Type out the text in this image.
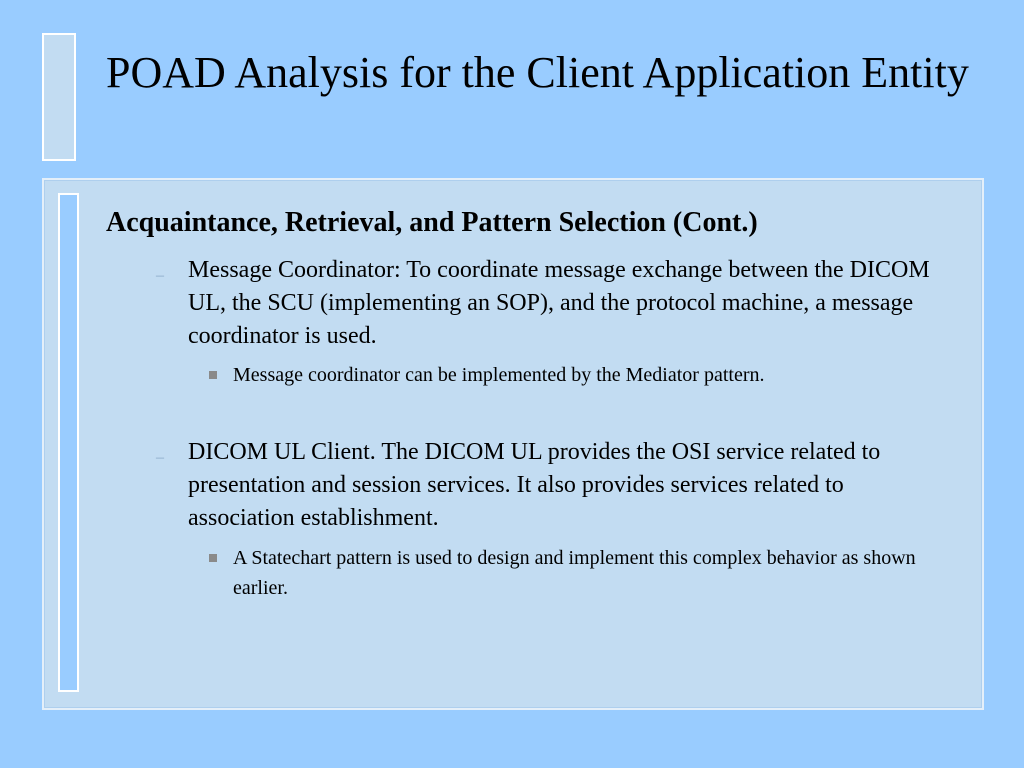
POAD Analysis for the Client Application Entity
Acquaintance, Retrieval, and Pattern Selection (Cont.)
– Message Coordinator: To coordinate message exchange between the DICOM UL, the SCU (implementing an SOP), and the protocol machine, a message coordinator is used.

Message coordinator can be implemented by the Mediator pattern.

– DICOM UL Client. The DICOM UL provides the OSI service related to presentation and session services. It also provides services related to association establishment.

A Statechart pattern is used to design and implement this complex behavior as shown earlier.
